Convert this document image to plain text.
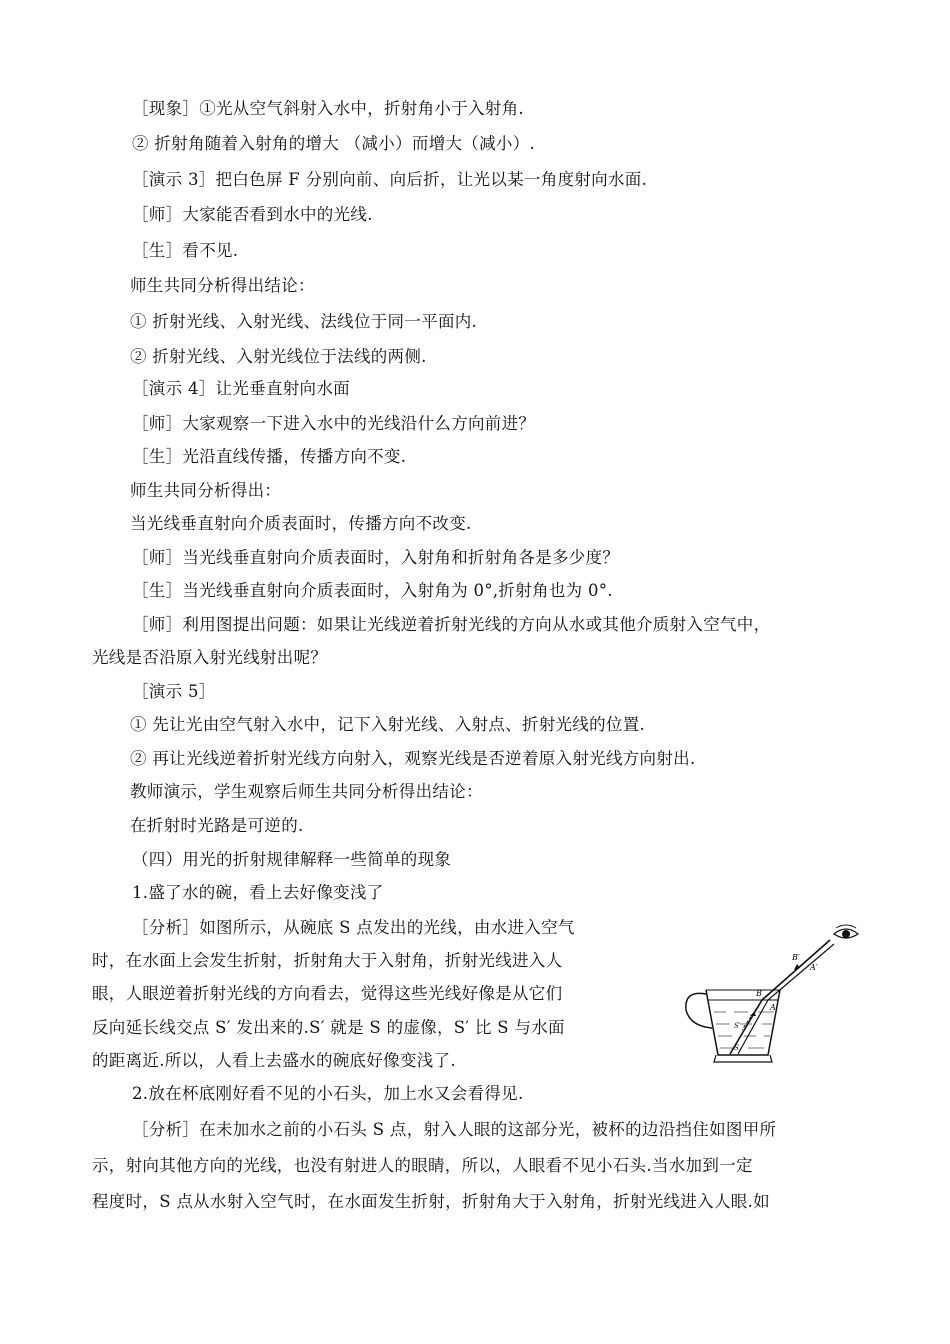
［现象］①光从空气斜射入水中，折射角小于入射角.
② 折射角随着入射角的增大 （减小）而增大（减小）.
［演示 3］把白色屏 F 分别向前、向后折，让光以某一角度射向水面.
［师］大家能否看到水中的光线.
［生］看不见.
师生共同分析得出结论：
① 折射光线、入射光线、法线位于同一平面内.
② 折射光线、入射光线位于法线的两侧.
［演示 4］让光垂直射向水面
［师］大家观察一下进入水中的光线沿什么方向前进？
［生］光沿直线传播，传播方向不变.
师生共同分析得出：
当光线垂直射向介质表面时，传播方向不改变.
［师］当光线垂直射向介质表面时，入射角和折射角各是多少度？
［生］当光线垂直射向介质表面时，入射角为 0°,折射角也为 0°.
［师］利用图提出问题：如果让光线逆着折射光线的方向从水或其他介质射入空气中，
光线是否沿原入射光线射出呢？
［演示 5］
① 先让光由空气射入水中，记下入射光线、入射点、折射光线的位置.
② 再让光线逆着折射光线方向射入，观察光线是否逆着原入射光线方向射出.
教师演示，学生观察后师生共同分析得出结论：
在折射时光路是可逆的.
（四）用光的折射规律解释一些简单的现象
1.盛了水的碗，看上去好像变浅了
［分析］如图所示，从碗底 S 点发出的光线，由水进入空气
时，在水面上会发生折射，折射角大于入射角，折射光线进入人
眼，人眼逆着折射光线的方向看去，觉得这些光线好像是从它们
反向延长线交点 S′ 发出来的.S′ 就是 S 的虚像，S′ 比 S 与水面
的距离近.所以，人看上去盛水的碗底好像变浅了.
B′
A′
B
A
S′
S
2.放在杯底刚好看不见的小石头，加上水又会看得见.
［分析］在未加水之前的小石头 S 点，射入人眼的这部分光，被杯的边沿挡住如图甲所
示，射向其他方向的光线，也没有射进人的眼睛，所以，人眼看不见小石头.当水加到一定
程度时，S 点从水射入空气时，在水面发生折射，折射角大于入射角，折射光线进入人眼.如
